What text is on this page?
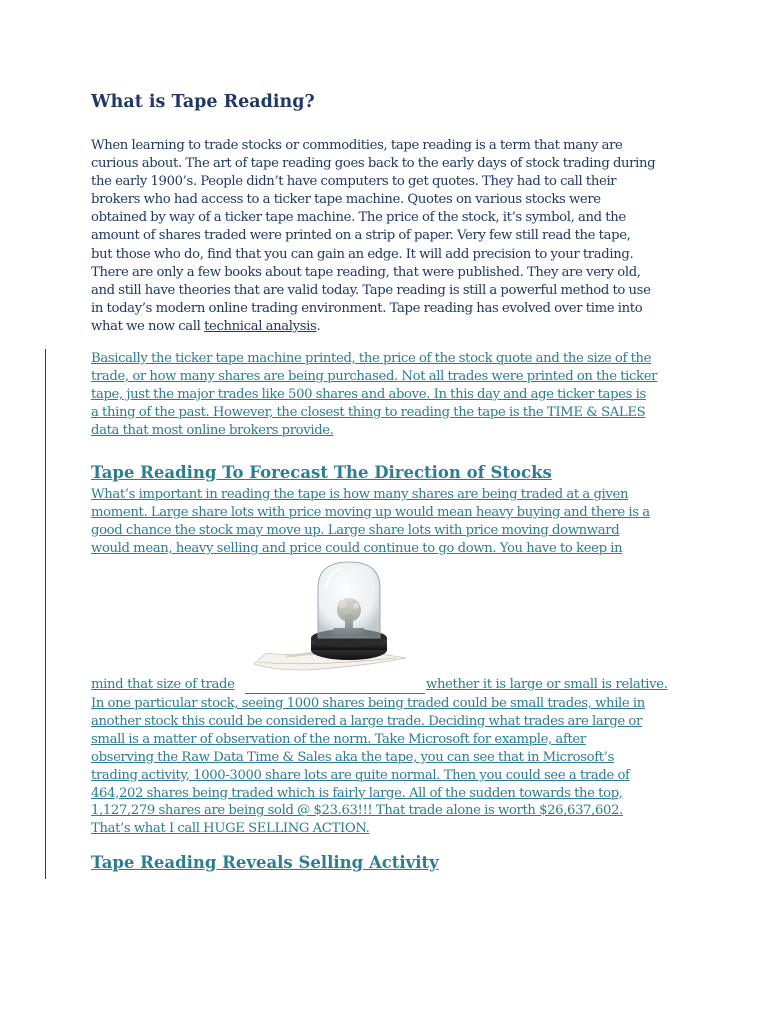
What is Tape Reading?

When learning to trade stocks or commodities, tape reading is a term that many are
curious about. The art of tape reading goes back to the early days of stock trading during
the early 1900’s. People didn’t have computers to get quotes. They had to call their
brokers who had access to a ticker tape machine. Quotes on various stocks were
obtained by way of a ticker tape machine. The price of the stock, it’s symbol, and the
amount of shares traded were printed on a strip of paper. Very few still read the tape,
but those who do, find that you can gain an edge. It will add precision to your trading.
There are only a few books about tape reading, that were published. They are very old,
and still have theories that are valid today. Tape reading is still a powerful method to use
in today’s modern online trading environment. Tape reading has evolved over time into
what we now call technical analysis.

Basically the ticker tape machine printed, the price of the stock quote and the size of the
trade, or how many shares are being purchased. Not all trades were printed on the ticker
tape, just the major trades like 500 shares and above. In this day and age ticker tapes is
a thing of the past. However, the closest thing to reading the tape is the TIME & SALES
data that most online brokers provide.

Tape Reading To Forecast The Direction of Stocks

What’s important in reading the tape is how many shares are being traded at a given
moment. Large share lots with price moving up would mean heavy buying and there is a
good chance the stock may move up. Large share lots with price moving downward
would mean, heavy selling and price could continue to go down. You have to keep in

mind that size of trade	whether it is large or small is relative.

In one particular stock, seeing 1000 shares being traded could be small trades, while in
another stock this could be considered a large trade. Deciding what trades are large or
small is a matter of observation of the norm. Take Microsoft for example, after
observing the Raw Data Time & Sales aka the tape, you can see that in Microsoft’s
trading activity, 1000-3000 share lots are quite normal. Then you could see a trade of
464,202 shares being traded which is fairly large. All of the sudden towards the top,
1,127,279 shares are being sold @ $23.63!!! That trade alone is worth $26,637,602.
That’s what I call HUGE SELLING ACTION.

Tape Reading Reveals Selling Activity
